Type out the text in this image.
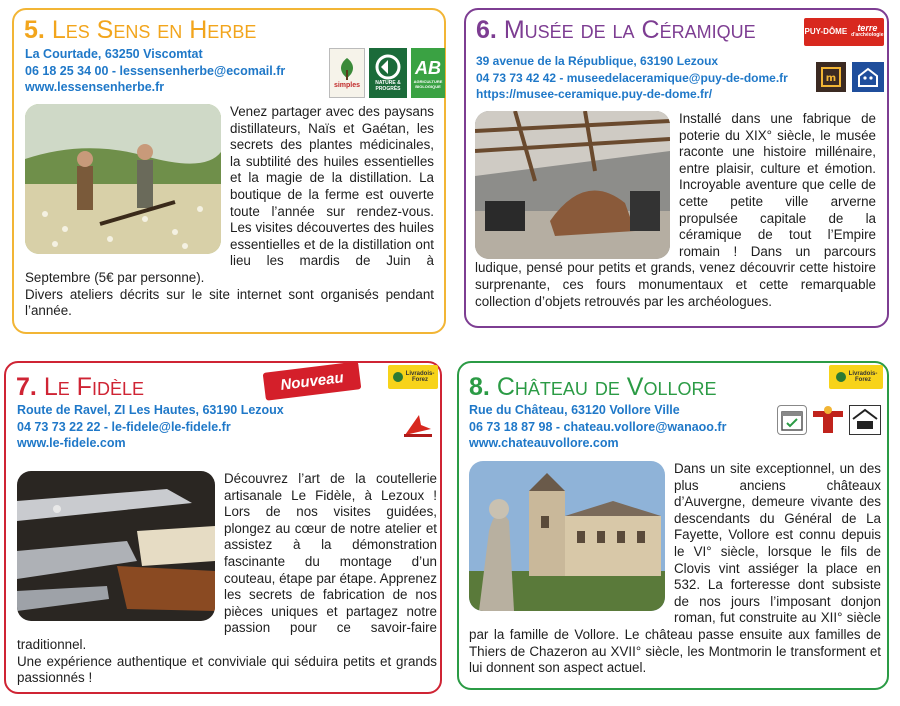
5. Les Sens en Herbe
La Courtade, 63250 Viscomtat
06 18 25 34 00 - lessensenherbe@ecomail.fr
www.lessensenherbe.fr	simples	NATURE & PROGRÈS
AB
AGRICULTURE BIOLOGIQUE

Venez partager avec des paysans distillateurs, Naïs et Gaétan, les secrets des plantes médicinales, la subtilité des huiles essentielles et la magie de la distillation. La boutique de la ferme est ouverte toute l’année sur rendez-vous. Les visites découvertes des huiles essentielles et de la distillation ont lieu les mardis de Juin à Septembre (5€ par personne).

Divers ateliers décrits sur le site internet sont organisés pendant l’année.

6. Musée de la Céramique	PUY-DÔME	terre
d'archéologie
39 avenue de la République, 63190 Lezoux
04 73 73 42 42 - museedelaceramique@puy-de-dome.fr
https://musee-ceramique.puy-de-dome.fr/
m

Installé dans une fabrique de poterie du XIX° siècle, le musée raconte une histoire millénaire, entre plaisir, culture et émotion. Incroyable aventure que celle de cette petite ville arverne propulsée capitale de la céramique de tout l’Empire romain ! Dans un parcours ludique, pensé pour petits et grands, venez découvrir cette histoire surprenante, ces fours monumentaux et cette remarquable collection d’objets retrouvés par les archéologues.

7. Le Fidèle	Nouveau	Livradois-
Forez
Route de Ravel, ZI Les Hautes, 63190 Lezoux
04 73 73 22 22 - le-fidele@le-fidele.fr
www.le-fidele.com

Découvrez l’art de la coutellerie artisanale Le Fidèle, à Lezoux ! Lors de nos visites guidées, plongez au cœur de notre atelier et assistez à la démonstration fascinante du montage d’un couteau, étape par étape. Apprenez les secrets de fabrication de nos pièces uniques et partagez notre passion pour ce savoir-faire traditionnel.

Une expérience authentique et conviviale qui séduira petits et grands passionnés !

8. Château de Vollore	Livradois-
Forez
Rue du Château, 63120 Vollore Ville
06 73 18 87 98 - chateau.vollore@wanaoo.fr
www.chateauvollore.com

Dans un site exceptionnel, un des plus anciens châteaux d’Auvergne, demeure vivante des descendants du Général de La Fayette, Vollore est connu depuis le VI° siècle, lorsque le fils de Clovis vint assiéger la place en 532. La forteresse dont subsiste de nos jours l’imposant donjon roman, fut construite au XII° siècle par la famille de Vollore. Le château passe ensuite aux familles de Thiers de Chazeron au XVII° siècle, les Montmorin le transforment et lui donnent son aspect actuel.
